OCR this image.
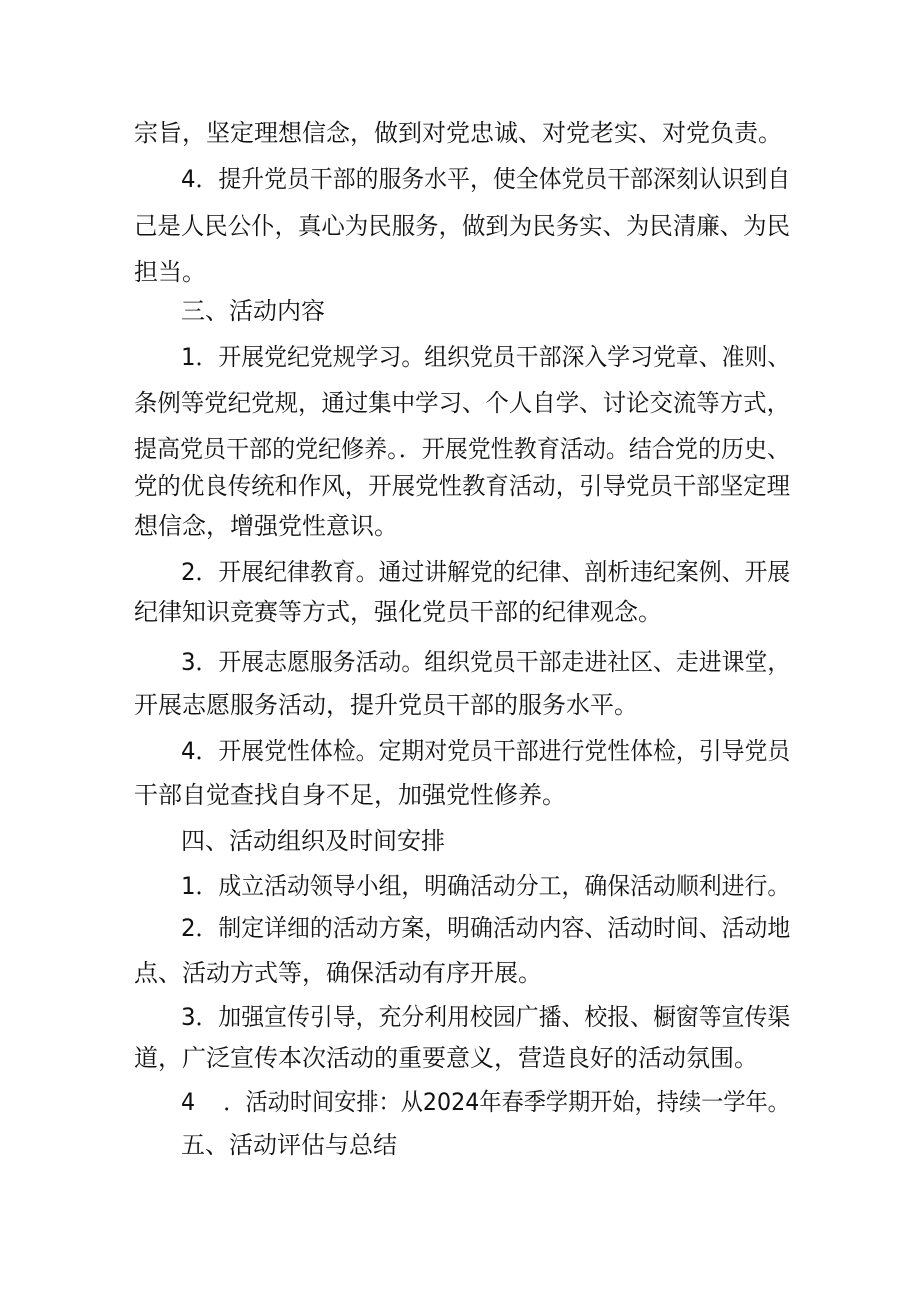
宗旨，坚定理想信念，做到对党忠诚、对党老实、对党负责。
4．提升党员干部的服务水平，使全体党员干部深刻认识到自
己是人民公仆，真心为民服务，做到为民务实、为民清廉、为民
担当。
三、活动内容
1．开展党纪党规学习。组织党员干部深入学习党章、准则、
条例等党纪党规，通过集中学习、个人自学、讨论交流等方式，
提高党员干部的党纪修养。．开展党性教育活动。结合党的历史、
党的优良传统和作风，开展党性教育活动，引导党员干部坚定理
想信念，增强党性意识。
2．开展纪律教育。通过讲解党的纪律、剖析违纪案例、开展
纪律知识竞赛等方式，强化党员干部的纪律观念。
3．开展志愿服务活动。组织党员干部走进社区、走进课堂，
开展志愿服务活动，提升党员干部的服务水平。
4．开展党性体检。定期对党员干部进行党性体检，引导党员
干部自觉查找自身不足，加强党性修养。
四、活动组织及时间安排
1．成立活动领导小组，明确活动分工，确保活动顺利进行。
2．制定详细的活动方案，明确活动内容、活动时间、活动地
点、活动方式等，确保活动有序开展。
3．加强宣传引导，充分利用校园广播、校报、橱窗等宣传渠
道，广泛宣传本次活动的重要意义，营造良好的活动氛围。
4    ．活动时间安排：从2024年春季学期开始，持续一学年。
五、活动评估与总结
